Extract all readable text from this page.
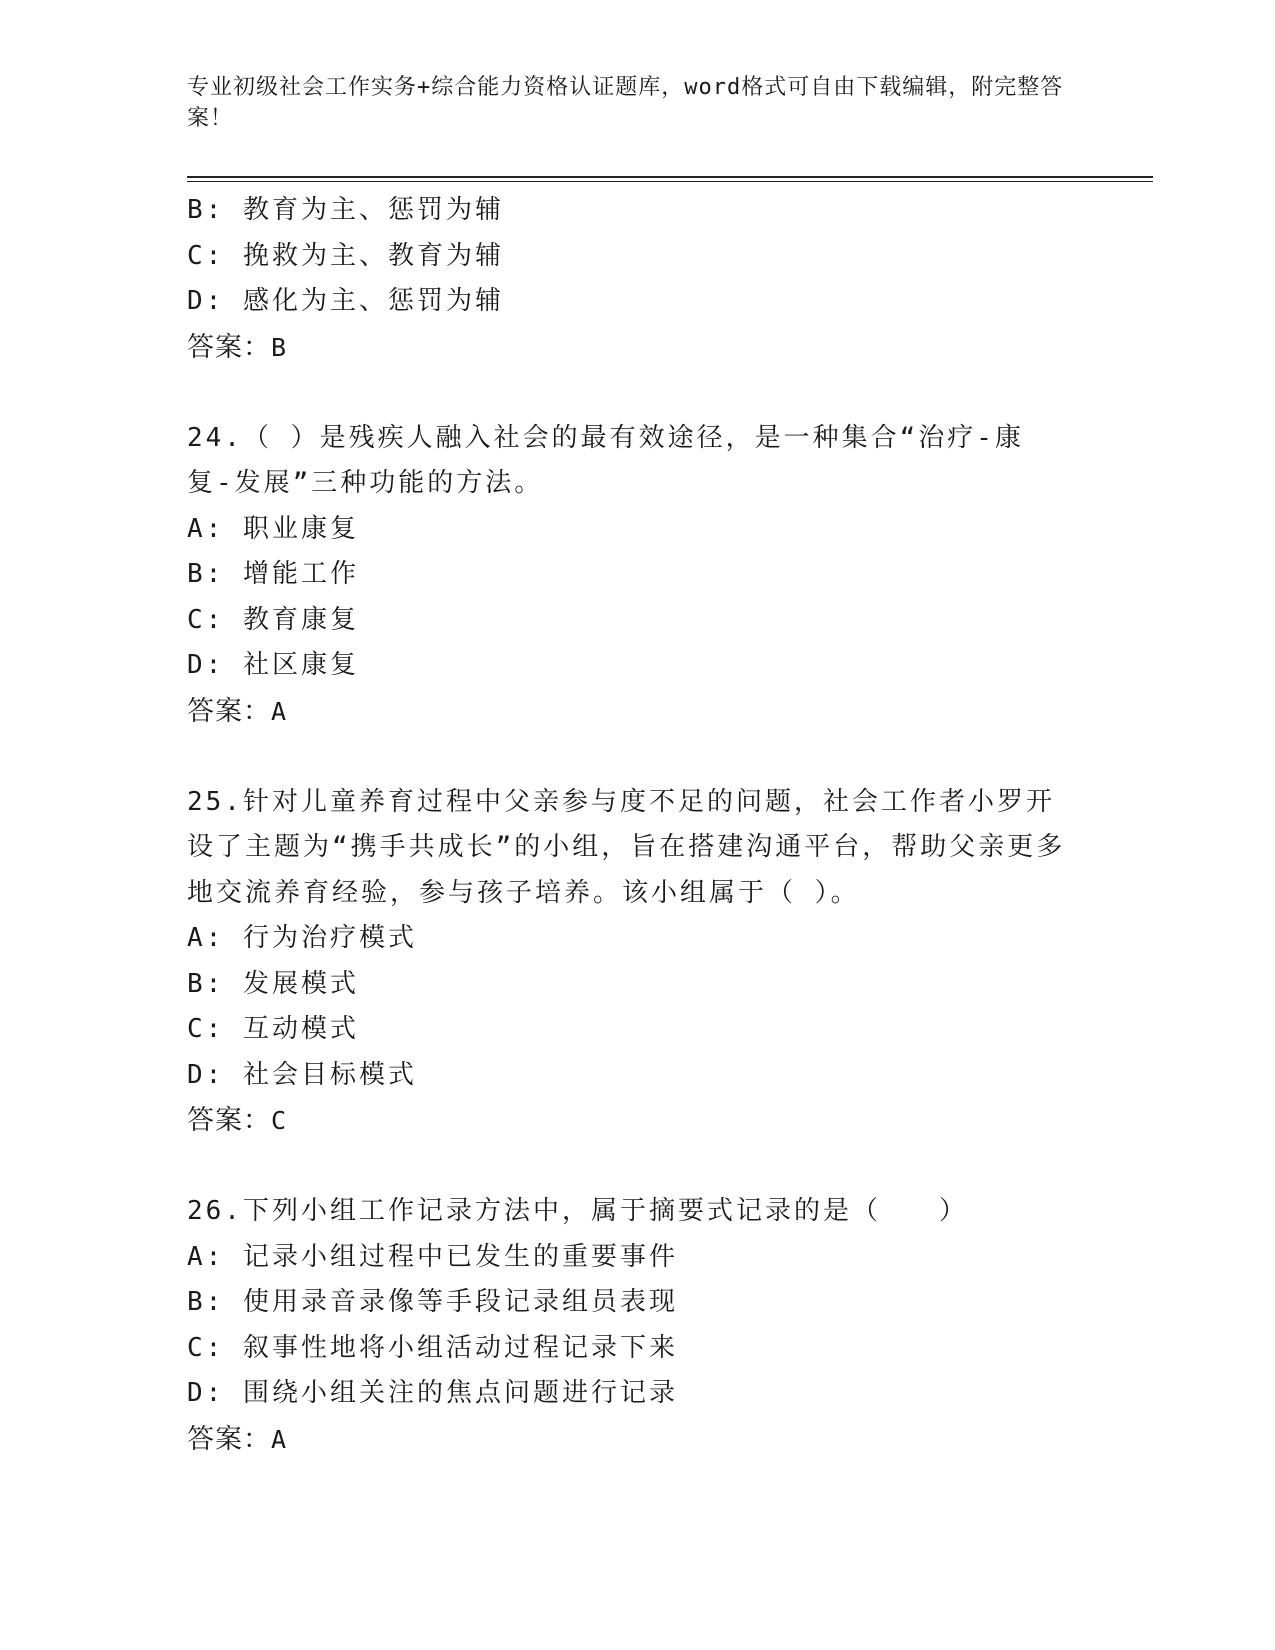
专业初级社会工作实务+综合能力资格认证题库，word格式可自由下载编辑，附完整答案！

B: 教育为主、惩罚为辅

C: 挽救为主、教育为辅

D: 感化为主、惩罚为辅

答案：B

24.（ ）是残疾人融入社会的最有效途径，是一种集合“治疗-康复-发展”三种功能的方法。

A: 职业康复

B: 增能工作

C: 教育康复

D: 社区康复

答案：A

25.针对儿童养育过程中父亲参与度不足的问题，社会工作者小罗开设了主题为“携手共成长”的小组，旨在搭建沟通平台，帮助父亲更多地交流养育经验，参与孩子培养。该小组属于（ ）。

A: 行为治疗模式

B: 发展模式

C: 互动模式

D: 社会目标模式

答案：C

26.下列小组工作记录方法中，属于摘要式记录的是（　　）

A: 记录小组过程中已发生的重要事件

B: 使用录音录像等手段记录组员表现

C: 叙事性地将小组活动过程记录下来

D: 围绕小组关注的焦点问题进行记录

答案：A
